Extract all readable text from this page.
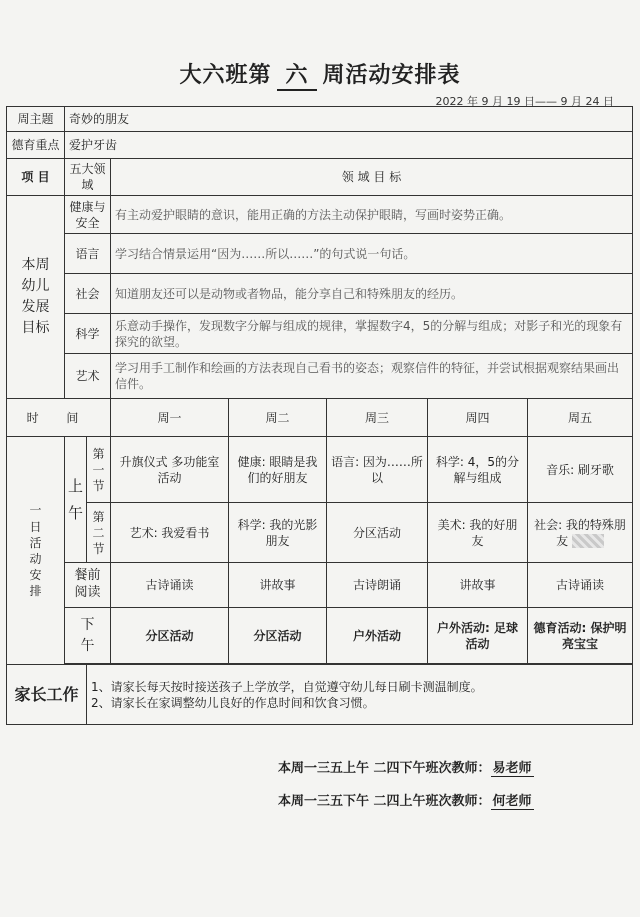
大六班第 六 周活动安排表
2022 年 9 月 19 日—— 9 月 24 日
周主题	奇妙的朋友						
德育重点	爱护牙齿						
项 目	五大领域		领 域 目 标				
本周幼儿发展目标	健康与安全		有主动爱护眼睛的意识，能用正确的方法主动保护眼睛，写画时姿势正确。				
	语言		学习结合情景运用“因为……所以……”的句式说一句话。				
	社会		知道朋友还可以是动物或者物品，能分享自己和特殊朋友的经历。				
	科学		乐意动手操作，发现数字分解与组成的规律，掌握数字4，5的分解与组成；对影子和光的现象有探究的欲望。				
	艺术		学习用手工制作和绘画的方法表现自己看书的姿态；观察信件的特征，并尝试根据观察结果画出信件。				
时 间			周一	周二	周三	周四	周五
一日活动安排	上午	第一节	升旗仪式 多功能室活动	健康: 眼睛是我们的好朋友	语言: 因为……所以	科学: 4，5的分解与组成	音乐: 刷牙歌
		第二节	艺术: 我爱看书	科学: 我的光影朋友	分区活动	美术: 我的好朋友	社会: 我的特殊朋友
	餐前阅读		古诗诵读	讲故事	古诗朗诵	讲故事	古诗诵读
	下午		分区活动	分区活动	户外活动	户外活动: 足球活动	德育活动: 保护明亮宝宝

家长工作		1、请家长每天按时接送孩子上学放学，自觉遵守幼儿每日刷卡测温制度。
2、请家长在家调整幼儿良好的作息时间和饮食习惯。					
本周一三五上午 二四下午班次教师： 易老师
本周一三五下午 二四上午班次教师： 何老师
